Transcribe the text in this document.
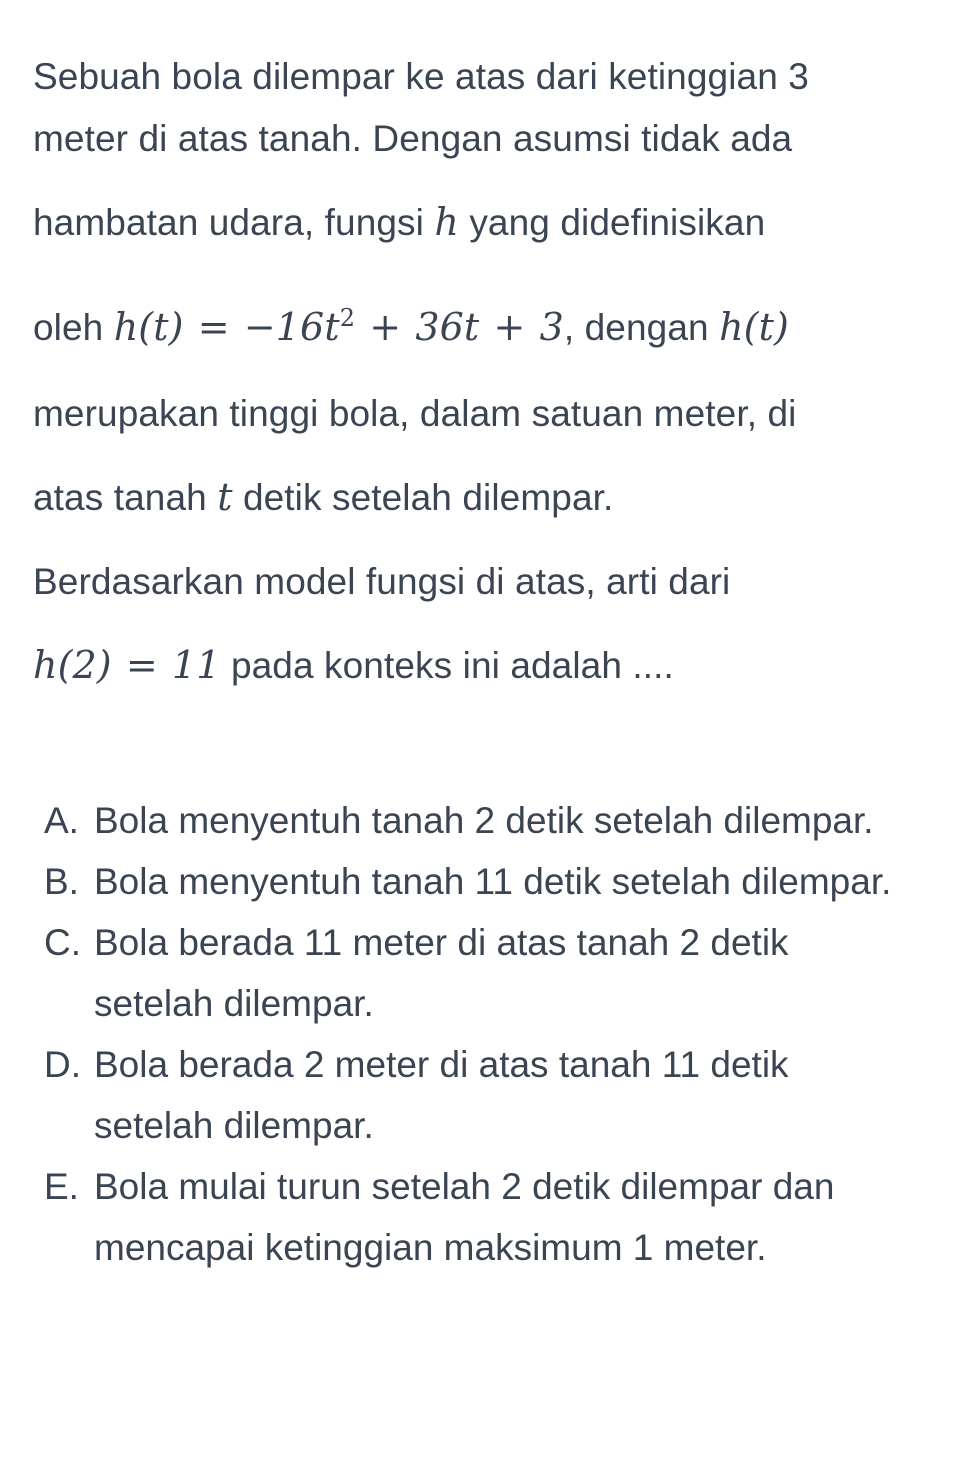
Sebuah bola dilempar ke atas dari ketinggian 3
meter di atas tanah. Dengan asumsi tidak ada
hambatan udara, fungsi h yang didefinisikan
oleh $h(t) = -16t^2 + 36t + 3$, dengan h(t)
merupakan tinggi bola, dalam satuan meter, di
atas tanah t detik setelah dilempar.
Berdasarkan model fungsi di atas, arti dari
h(2) = 11 pada konteks ini adalah ....
A. Bola menyentuh tanah 2 detik setelah dilempar.
B. Bola menyentuh tanah 11 detik setelah dilempar.
C. Bola berada 11 meter di atas tanah 2 detik setelah dilempar.
D. Bola berada 2 meter di atas tanah 11 detik setelah dilempar.
E. Bola mulai turun setelah 2 detik dilempar dan mencapai ketinggian maksimum 1 meter.
